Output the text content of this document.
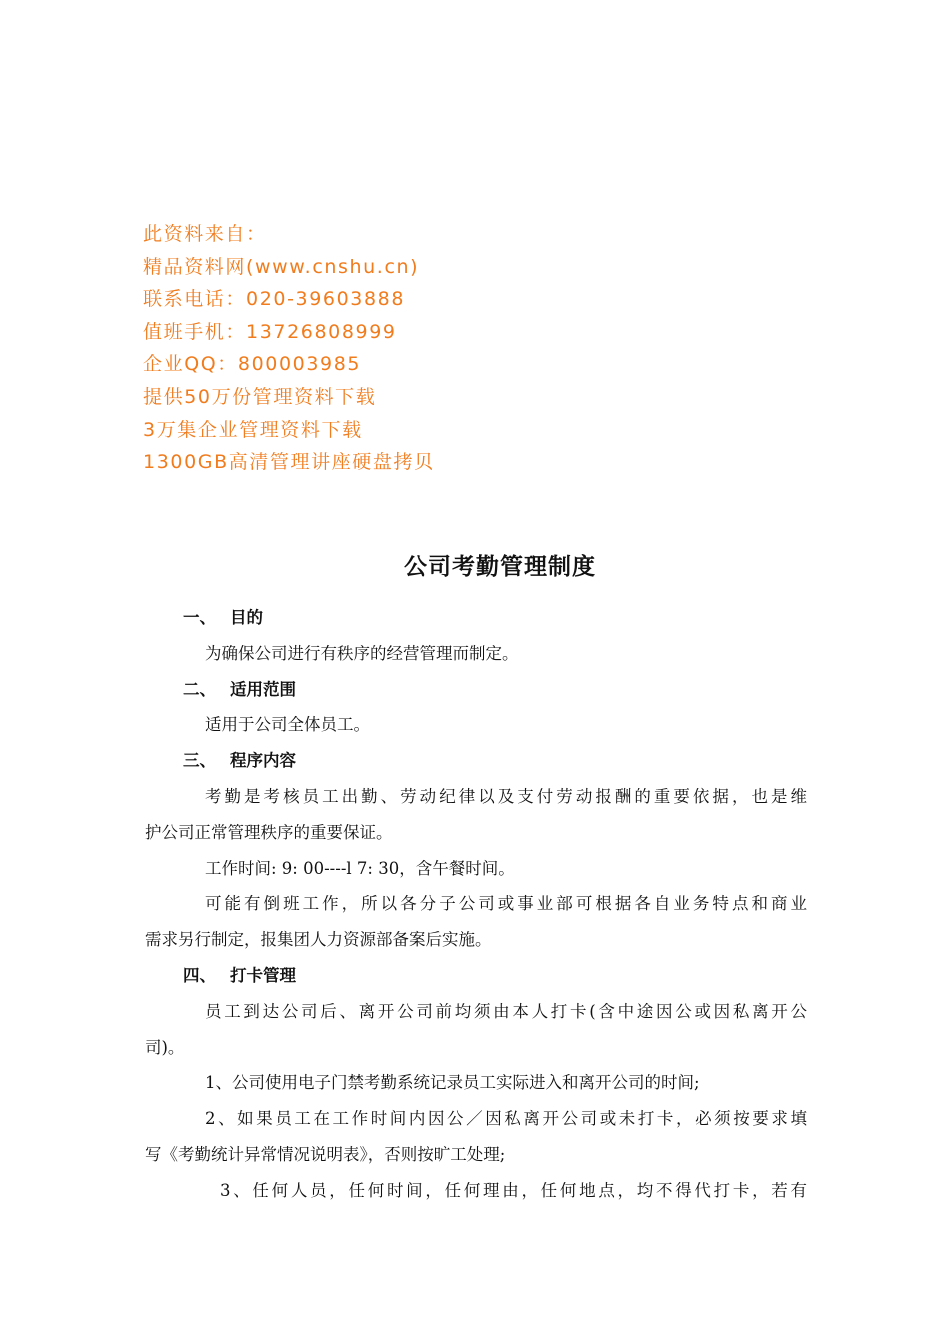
此资料来自：
精品资料网(www.cnshu.cn)
联系电话：020-39603888
值班手机：13726808999
企业QQ：800003985
提供50万份管理资料下载
3万集企业管理资料下载
1300GB高清管理讲座硬盘拷贝
公司考勤管理制度
一、 目的
为确保公司进行有秩序的经营管理而制定。
二、 适用范围
适用于公司全体员工。
三、 程序内容
考勤是考核员工出勤、劳动纪律以及支付劳动报酬的重要依据，也是维
护公司正常管理秩序的重要保证。
工作时间: 9: 00----l 7: 30，含午餐时间。
可能有倒班工作，所以各分子公司或事业部可根据各自业务特点和商业
需求另行制定，报集团人力资源部备案后实施。
四、 打卡管理
员工到达公司后、离开公司前均须由本人打卡(含中途因公或因私离开公
司)。
1、公司使用电子门禁考勤系统记录员工实际进入和离开公司的时间;
2、如果员工在工作时间内因公／因私离开公司或未打卡，必须按要求填
写《考勤统计异常情况说明表》，否则按旷工处理;
3、任何人员，任何时间，任何理由，任何地点，均不得代打卡，若有
